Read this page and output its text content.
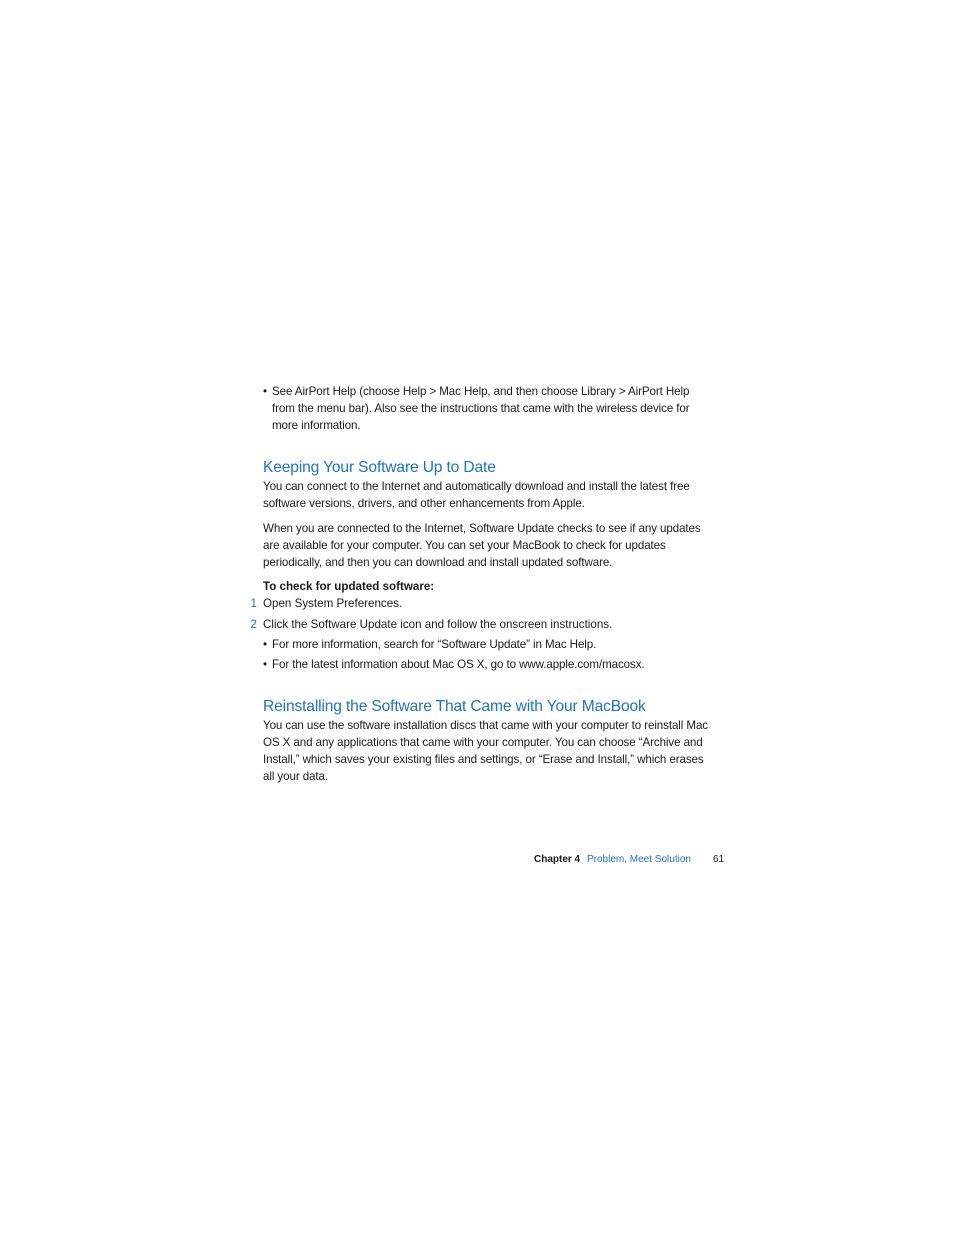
• See AirPort Help (choose Help > Mac Help, and then choose Library > AirPort Help from the menu bar). Also see the instructions that came with the wireless device for more information.
Keeping Your Software Up to Date

You can connect to the Internet and automatically download and install the latest free software versions, drivers, and other enhancements from Apple.

When you are connected to the Internet, Software Update checks to see if any updates are available for your computer. You can set your MacBook to check for updates periodically, and then you can download and install updated software.

To check for updated software:
1 Open System Preferences.
2 Click the Software Update icon and follow the onscreen instructions.
• For more information, search for “Software Update” in Mac Help.
• For the latest information about Mac OS X, go to www.apple.com/macosx.
Reinstalling the Software That Came with Your MacBook

You can use the software installation discs that came with your computer to reinstall Mac OS X and any applications that came with your computer. You can choose “Archive and Install,” which saves your existing files and settings, or “Erase and Install,” which erases all your data.

Chapter 4 Problem, Meet Solution 61
